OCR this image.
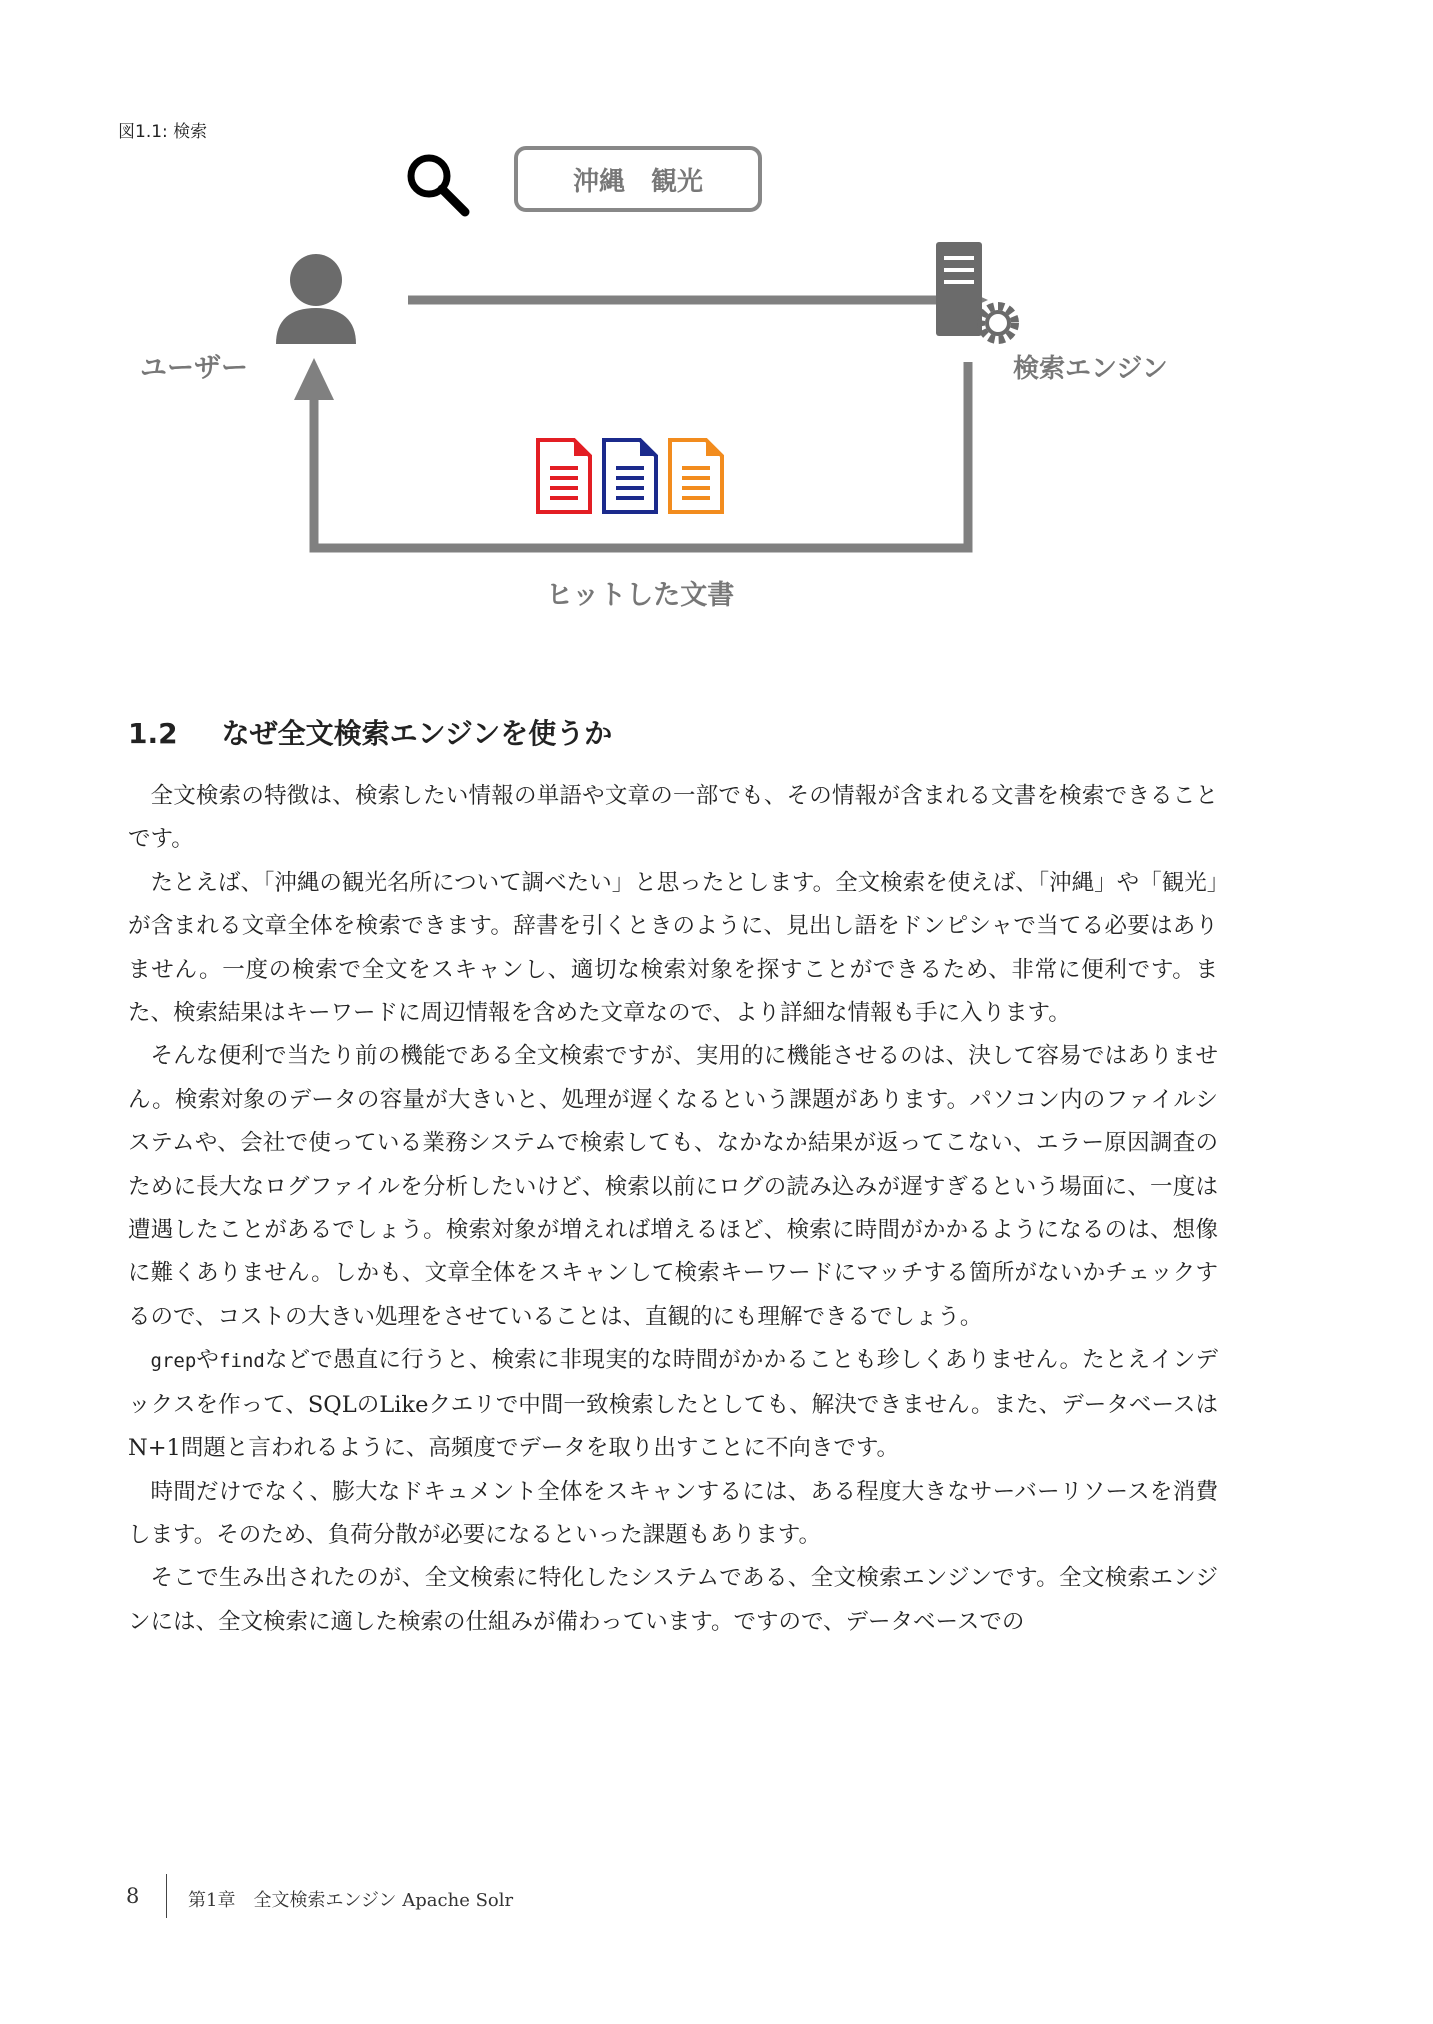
図1.1: 検索
沖縄　観光
ユーザー	検索エンジン
ヒットした文書
1.2 なぜ全文検索エンジンを使うか

全文検索の特徴は、検索したい情報の単語や文章の一部でも、その情報が含まれる文書を検索できることです。

たとえば、「沖縄の観光名所について調べたい」と思ったとします。全文検索を使えば、「沖縄」や「観光」が含まれる文章全体を検索できます。辞書を引くときのように、見出し語をドンピシャで当てる必要はありません。一度の検索で全文をスキャンし、適切な検索対象を探すことができるため、非常に便利です。また、検索結果はキーワードに周辺情報を含めた文章なので、より詳細な情報も手に入ります。

そんな便利で当たり前の機能である全文検索ですが、実用的に機能させるのは、決して容易ではありません。検索対象のデータの容量が大きいと、処理が遅くなるという課題があります。パソコン内のファイルシステムや、会社で使っている業務システムで検索しても、なかなか結果が返ってこない、エラー原因調査のために長大なログファイルを分析したいけど、検索以前にログの読み込みが遅すぎるという場面に、一度は遭遇したことがあるでしょう。検索対象が増えれば増えるほど、検索に時間がかかるようになるのは、想像に難くありません。しかも、文章全体をスキャンして検索キーワードにマッチする箇所がないかチェックするので、コストの大きい処理をさせていることは、直観的にも理解できるでしょう。

grepやfindなどで愚直に行うと、検索に非現実的な時間がかかることも珍しくありません。たとえインデックスを作って、SQLのLikeクエリで中間一致検索したとしても、解決できません。また、データベースはN+1問題と言われるように、高頻度でデータを取り出すことに不向きです。

時間だけでなく、膨大なドキュメント全体をスキャンするには、ある程度大きなサーバーリソースを消費します。そのため、負荷分散が必要になるといった課題もあります。

そこで生み出されたのが、全文検索に特化したシステムである、全文検索エンジンです。全文検索エンジンには、全文検索に適した検索の仕組みが備わっています。ですので、データベースでの

8	第1章　全文検索エンジン Apache Solr
